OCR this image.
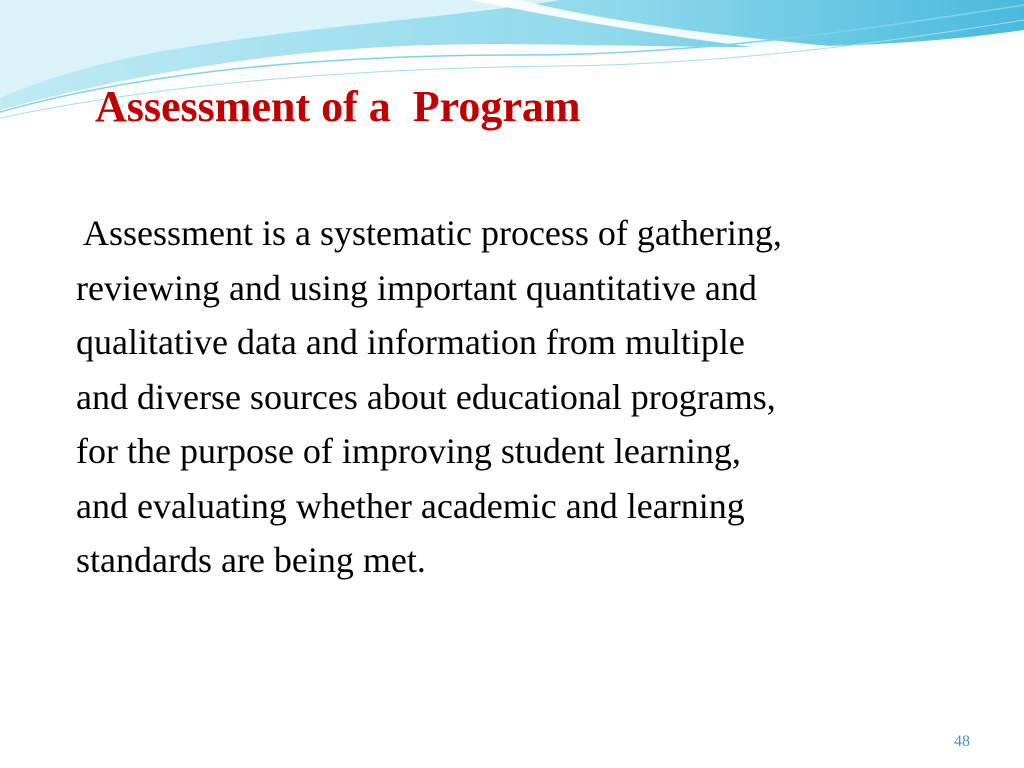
Assessment of a  Program
Assessment is a systematic process of gathering,
reviewing and using important quantitative and
qualitative data and information from multiple
and diverse sources about educational programs,
for the purpose of improving student learning,
and evaluating whether academic and learning
standards are being met.
48
